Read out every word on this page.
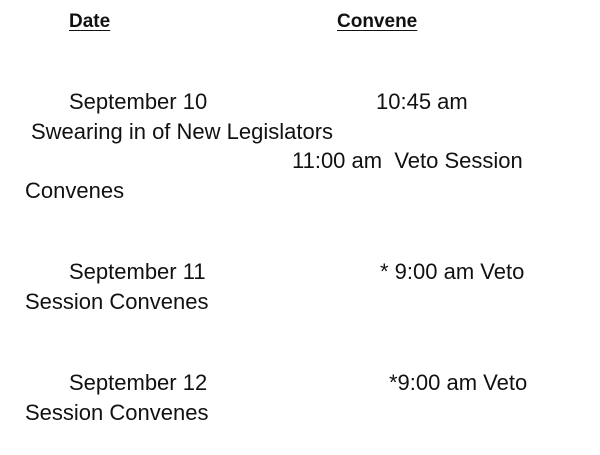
Date	Convene
September 10	10:45 am
Swearing in of New Legislators
11:00 am  Veto Session
Convenes
September 11	* 9:00 am Veto
Session Convenes
September 12	*9:00 am Veto
Session Convenes
